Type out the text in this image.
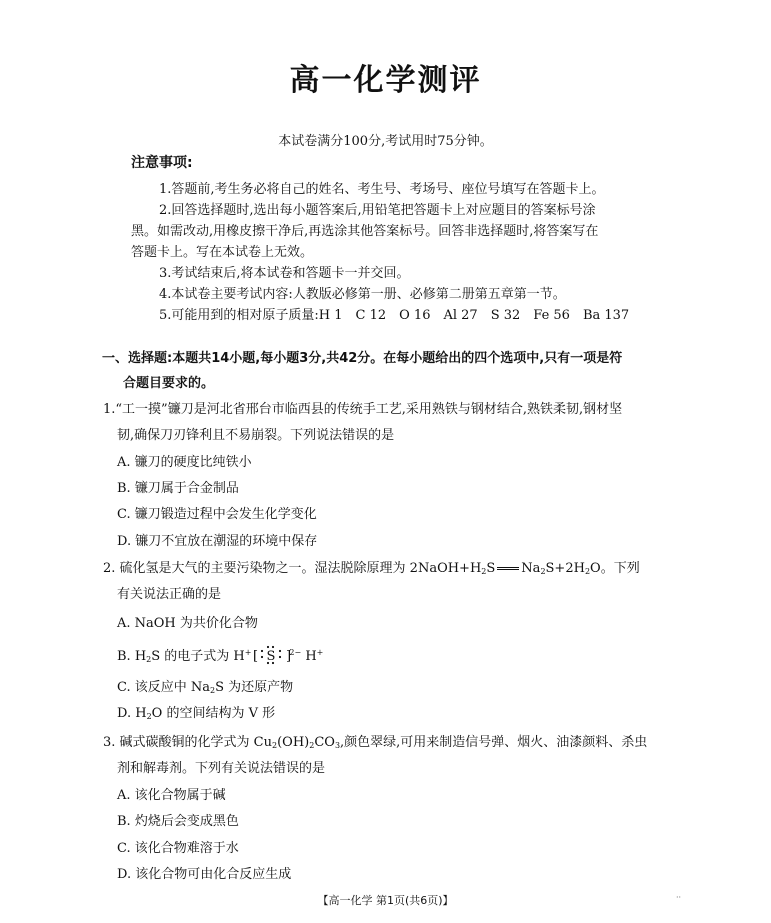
高一化学测评
本试卷满分100分,考试用时75分钟。
注意事项:
1.答题前,考生务必将自己的姓名、考生号、考场号、座位号填写在答题卡上。
2.回答选择题时,选出每小题答案后,用铅笔把答题卡上对应题目的答案标号涂
黑。如需改动,用橡皮擦干净后,再选涂其他答案标号。回答非选择题时,将答案写在
答题卡上。写在本试卷上无效。
3.考试结束后,将本试卷和答题卡一并交回。
4.本试卷主要考试内容:人教版必修第一册、必修第二册第五章第一节。
5.可能用到的相对原子质量:H 1　C 12　O 16　Al 27　S 32　Fe 56　Ba 137
一、选择题:本题共14小题,每小题3分,共42分。在每小题给出的四个选项中,只有一项是符
合题目要求的。
1.“工一摸”镰刀是河北省邢台市临西县的传统手工艺,采用熟铁与钢材结合,熟铁柔韧,钢材坚
韧,确保刀刃锋利且不易崩裂。下列说法错误的是
A. 镰刀的硬度比纯铁小
B. 镰刀属于合金制品
C. 镰刀锻造过程中会发生化学变化
D. 镰刀不宜放在潮湿的环境中保存
2. 硫化氢是大气的主要污染物之一。湿法脱除原理为 $2NaOH+H_2S$ $Na_2S+2H_2O$。下列
有关说法正确的是
A. NaOH 为共价化合物
B. $H_2S$ 的电子式为 H+ [ ]
S $^{2-}$ H+
C. 该反应中 $Na_2S$ 为还原产物
D. $H_2O$ 的空间结构为 V 形
3. 碱式碳酸铜的化学式为 $Cu_2(OH)_2CO_3$,颜色翠绿,可用来制造信号弹、烟火、油漆颜料、杀虫
剂和解毒剂。下列有关说法错误的是
A. 该化合物属于碱
B. 灼烧后会变成黑色
C. 该化合物难溶于水
D. 该化合物可由化合反应生成
【高一化学 第1页(共6页)】	··
